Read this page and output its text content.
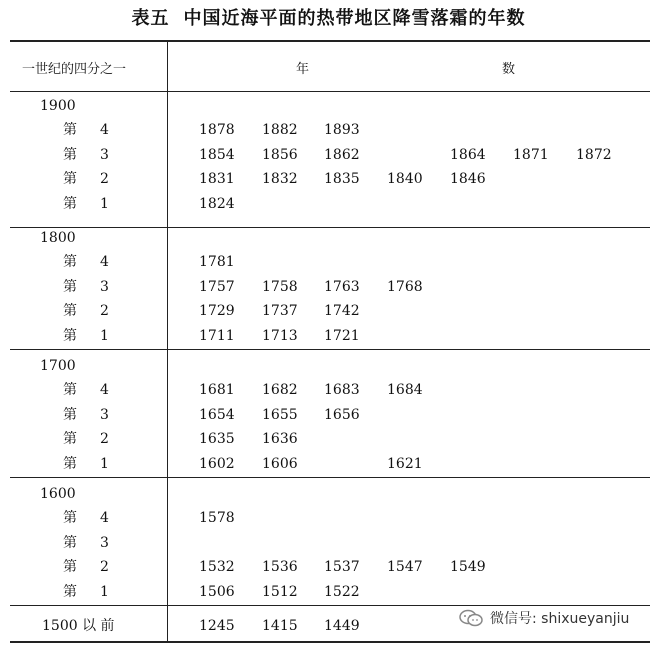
表五 中国近海平面的热带地区降雪落霜的年数
一世纪的四分之一	年	数
1900
第 4	1878 1882 1893
第 3	1854 1856 1862	1864 1871 1872
第 2	1831 1832 1835 1840 1846
第 1	1824
1800
第 4	1781
第 3	1757 1758 1763 1768
第 2	1729 1737 1742
第 1	1711 1713 1721
1700
第 4	1681 1682 1683 1684
第 3	1654 1655 1656
第 2	1635 1636
第 1	1602 1606	1621
1600
第 4	1578
第 3
第 2	1532 1536 1537 1547 1549
第 1	1506 1512 1522
1500 以 前	1245 1415 1449	微信号: shixueyanjiu
